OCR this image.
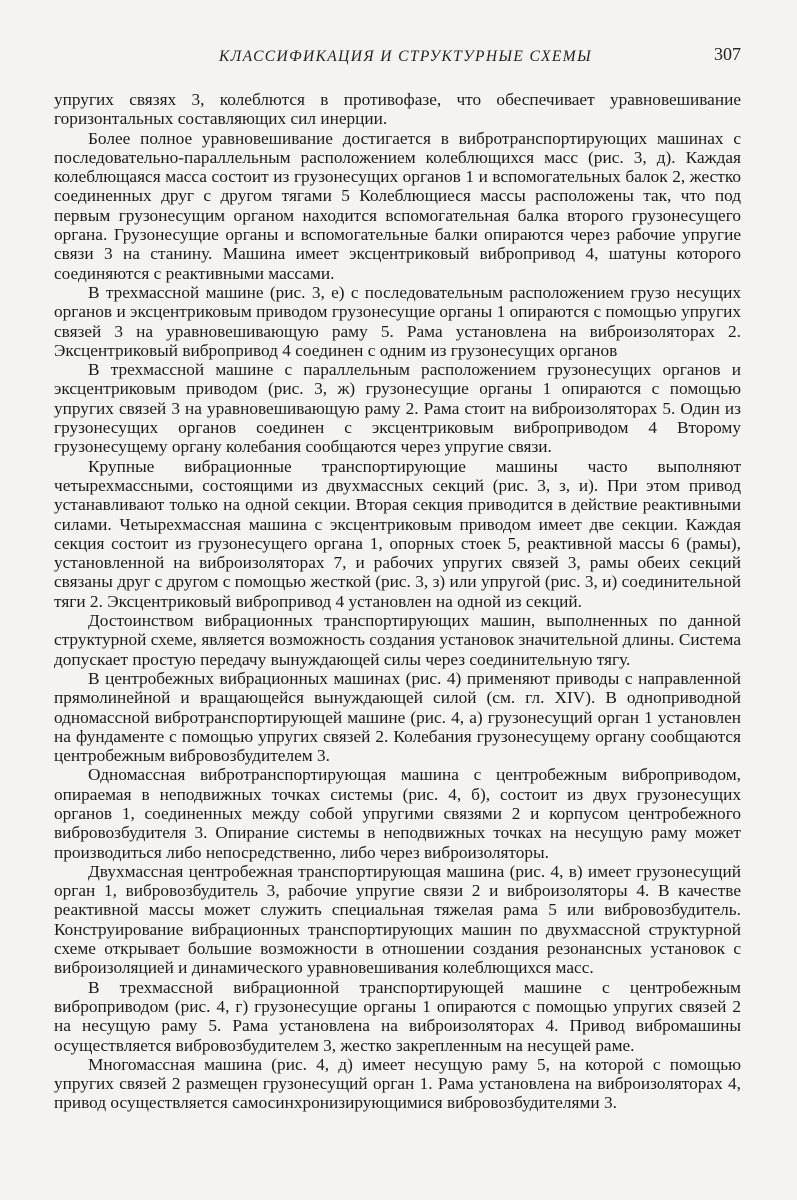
КЛАССИФИКАЦИЯ И СТРУКТУРНЫЕ СХЕМЫ	307

упругих связях 3, колеблются в противофазе, что обеспечивает уравновешивание горизонтальных составляющих сил инерции.

Более полное уравновешивание достигается в вибротранспортирующих машинах с последовательно-параллельным расположением колеблющихся масс (рис. 3, д). Каждая колеблющаяся масса состоит из грузонесущих органов 1 и вспомогательных балок 2, жестко соединенных друг с другом тягами 5 Колеблющиеся массы расположены так, что под первым грузонесущим органом находится вспомогательная балка второго грузонесущего органа. Грузонесущие органы и вспомогательные балки опираются через рабочие упругие связи 3 на станину. Машина имеет эксцентриковый вибропривод 4, шатуны которого соединяются с реактивными массами.

В трехмассной машине (рис. 3, е) с последовательным расположением грузо несущих органов и эксцентриковым приводом грузонесущие органы 1 опираются с помощью упругих связей 3 на уравновешивающую раму 5. Рама установлена на виброизоляторах 2. Эксцентриковый вибропривод 4 соединен с одним из грузонесущих органов

В трехмассной машине с параллельным расположением грузонесущих органов и эксцентриковым приводом (рис. 3, ж) грузонесущие органы 1 опираются с помощью упругих связей 3 на уравновешивающую раму 2. Рама стоит на виброизоляторах 5. Один из грузонесущих органов соединен с эксцентриковым виброприводом 4 Второму грузонесущему органу колебания сообщаются через упругие связи.

Крупные вибрационные транспортирующие машины часто выполняют четырехмассными, состоящими из двухмассных секций (рис. 3, з, и). При этом привод устанавливают только на одной секции. Вторая секция приводится в действие реактивными силами. Четырехмассная машина с эксцентриковым приводом имеет две секции. Каждая секция состоит из грузонесущего органа 1, опорных стоек 5, реактивной массы 6 (рамы), установленной на виброизоляторах 7, и рабочих упругих связей 3, рамы обеих секций связаны друг с другом с помощью жесткой (рис. 3, з) или упругой (рис. 3, и) соединительной тяги 2. Эксцентриковый вибропривод 4 установлен на одной из секций.

Достоинством вибрационных транспортирующих машин, выполненных по данной структурной схеме, является возможность создания установок значительной длины. Система допускает простую передачу вынуждающей силы через соединительную тягу.

В центробежных вибрационных машинах (рис. 4) применяют приводы с направленной прямолинейной и вращающейся вынуждающей силой (см. гл. XIV). В одноприводной одномассной вибротранспортирующей машине (рис. 4, а) грузонесущий орган 1 установлен на фундаменте с помощью упругих связей 2. Колебания грузонесущему органу сообщаются центробежным вибровозбудителем 3.

Одномассная вибротранспортирующая машина с центробежным виброприводом, опираемая в неподвижных точках системы (рис. 4, б), состоит из двух грузонесущих органов 1, соединенных между собой упругими связями 2 и корпусом центробежного вибровозбудителя 3. Опирание системы в неподвижных точках на несущую раму может производиться либо непосредственно, либо через виброизоляторы.

Двухмассная центробежная транспортирующая машина (рис. 4, в) имеет грузонесущий орган 1, вибровозбудитель 3, рабочие упругие связи 2 и виброизоляторы 4. В качестве реактивной массы может служить специальная тяжелая рама 5 или вибровозбудитель. Конструирование вибрационных транспортирующих машин по двухмассной структурной схеме открывает большие возможности в отношении создания резонансных установок с виброизоляцией и динамического уравновешивания колеблющихся масс.

В трехмассной вибрационной транспортирующей машине с центробежным виброприводом (рис. 4, г) грузонесущие органы 1 опираются с помощью упругих связей 2 на несущую раму 5. Рама установлена на виброизоляторах 4. Привод вибромашины осуществляется вибровозбудителем 3, жестко закрепленным на несущей раме.

Многомассная машина (рис. 4, д) имеет несущую раму 5, на которой с помощью упругих связей 2 размещен грузонесущий орган 1. Рама установлена на виброизоляторах 4, привод осуществляется самосинхронизирующимися вибровозбудителями 3.
